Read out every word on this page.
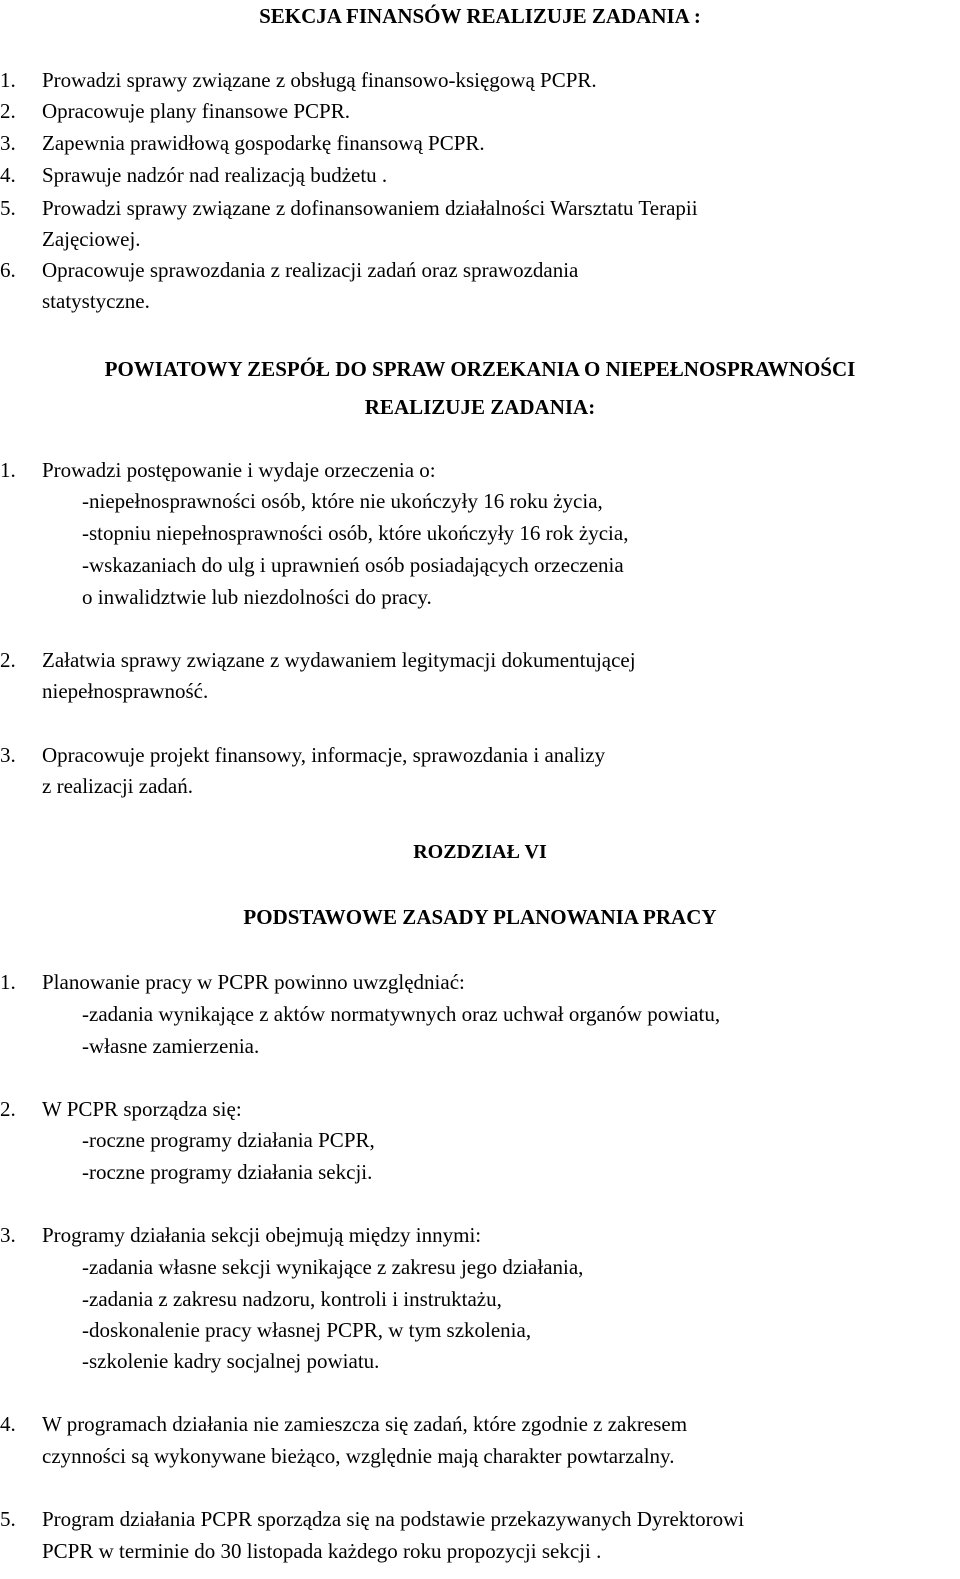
SEKCJA FINANSÓW REALIZUJE ZADANIA :
1. Prowadzi sprawy związane z obsługą finansowo-księgową PCPR.
2. Opracowuje plany finansowe PCPR.
3. Zapewnia prawidłową gospodarkę finansową PCPR.
4. Sprawuje nadzór nad realizacją budżetu .
5. Prowadzi sprawy związane z dofinansowaniem działalności Warsztatu Terapii
Zajęciowej.
6. Opracowuje sprawozdania z realizacji zadań oraz sprawozdania
statystyczne.
POWIATOWY ZESPÓŁ DO SPRAW ORZEKANIA O NIEPEŁNOSPRAWNOŚCI
REALIZUJE ZADANIA:
1. Prowadzi postępowanie i wydaje orzeczenia o:
-niepełnosprawności osób, które nie ukończyły 16 roku życia,
-stopniu niepełnosprawności osób, które ukończyły 16 rok życia,
-wskazaniach do ulg i uprawnień osób posiadających orzeczenia
o inwalidztwie lub niezdolności do pracy.
2. Załatwia sprawy związane z wydawaniem legitymacji dokumentującej
niepełnosprawność.
3. Opracowuje projekt finansowy, informacje, sprawozdania i analizy
z realizacji zadań.
ROZDZIAŁ VI
PODSTAWOWE ZASADY PLANOWANIA PRACY
1. Planowanie pracy w PCPR powinno uwzględniać:
-zadania wynikające z aktów normatywnych oraz uchwał organów powiatu,
-własne zamierzenia.
2. W PCPR sporządza się:
-roczne programy działania PCPR,
-roczne programy działania sekcji.
3. Programy działania sekcji obejmują między innymi:
-zadania własne sekcji wynikające z zakresu jego działania,
-zadania z zakresu nadzoru, kontroli i instruktażu,
-doskonalenie pracy własnej PCPR, w tym szkolenia,
-szkolenie kadry socjalnej powiatu.
4. W programach działania nie zamieszcza się zadań, które zgodnie z zakresem
czynności są wykonywane bieżąco, względnie mają charakter powtarzalny.
5. Program działania PCPR sporządza się na podstawie przekazywanych Dyrektorowi
PCPR w terminie do 30 listopada każdego roku propozycji sekcji .
